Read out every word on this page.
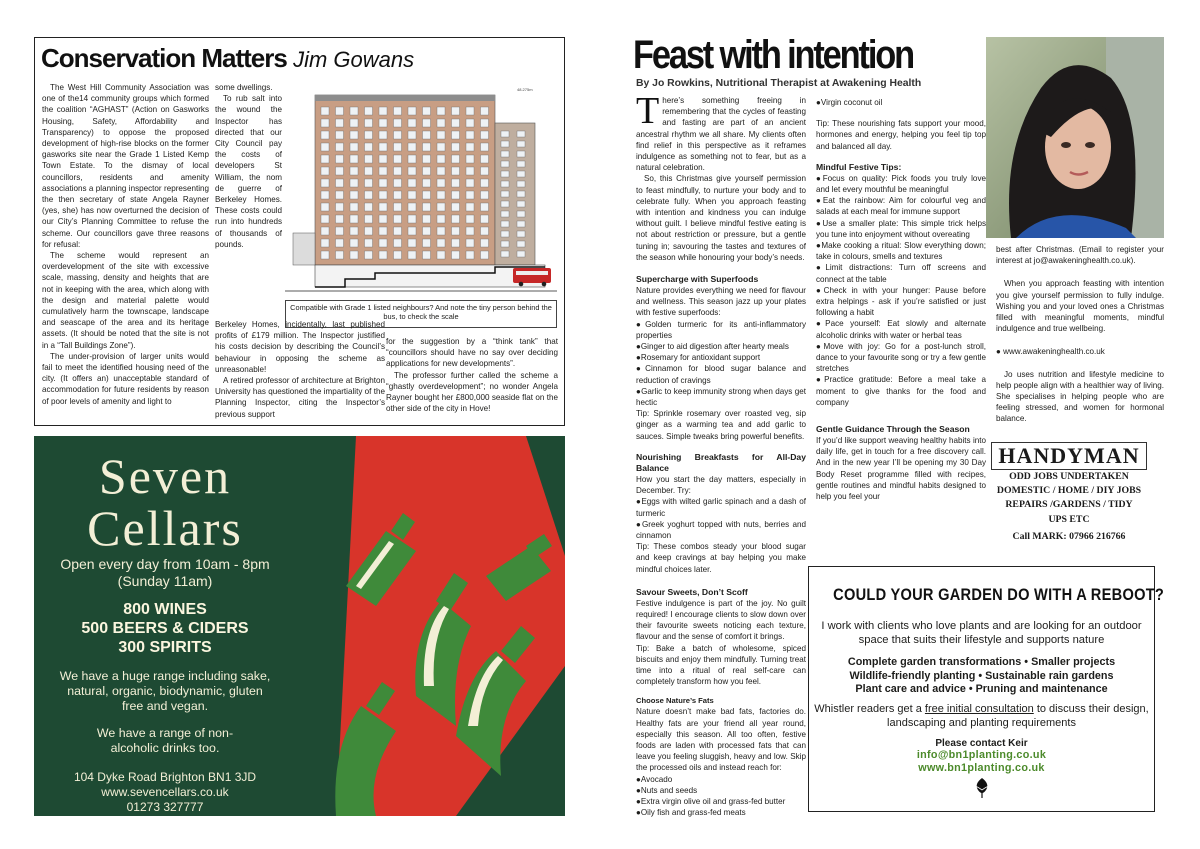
Conservation Matters Jim Gowans

The West Hill Community Association was one of the14 community groups which formed the coalition “AGHAST” (Action on Gasworks Housing, Safety, Affordability and Transparency) to oppose the proposed development of high-rise blocks on the former gasworks site near the Grade 1 Listed Kemp Town Estate. To the dismay of local councillors, residents and amenity associations a planning inspector representing the then secretary of state Angela Rayner (yes, she) has now overturned the decision of our City’s Planning Committee to refuse the scheme. Our councillors gave three reasons for refusal:

The scheme would represent an overdevelopment of the site with excessive scale, massing, density and heights that are not in keeping with the area, which along with the design and material palette would cumulatively harm the townscape, landscape and seascape of the area and its heritage assets. (It should be noted that the site is not in a “Tall Buildings Zone”).

The under-provision of larger units would fail to meet the identified housing need of the city. (It offers an) unacceptable standard of accommodation for future residents by reason of poor levels of amenity and light to

some dwellings.

To rub salt into the wound the Inspector has directed that our City Council pay the costs of developers St William, the nom de guerre of Berkeley Homes. These costs could run into hundreds of thousands of pounds.

48.275m
Compatible with Grade 1 listed neighbours? And note the tiny person behind the bus, to check the scale

Berkeley Homes, incidentally, last published profits of £179 million. The Inspector justified his costs decision by describing the Council’s behaviour in opposing the scheme as unreasonable!

A retired professor of architecture at Brighton University has questioned the impartiality of the Planning Inspector, citing the Inspector’s previous support

for the suggestion by a “think tank” that “councillors should have no say over deciding applications for new developments”.

The professor further called the scheme a “ghastly overdevelopment”; no wonder Angela Rayner bought her £800,000 seaside flat on the other side of the city in Hove!

Seven
Cellars
Open every day from 10am - 8pm
(Sunday 11am)
800 WINES
500 BEERS & CIDERS
300 SPIRITS
We have a huge range including sake, natural, organic, biodynamic, gluten free and vegan.
We have a range of non-alcoholic drinks too.
104 Dyke Road Brighton BN1 3JD
www.sevencellars.co.uk
01273 327777
Feast with intention
By Jo Rowkins, Nutritional Therapist at Awakening Health

There’s something freeing in remembering that the cycles of feasting and fasting are part of an ancient ancestral rhythm we all share. My clients often find relief in this perspective as it reframes indulgence as something not to fear, but as a natural celebration.

So, this Christmas give yourself permission to feast mindfully, to nurture your body and to celebrate fully. When you approach feasting with intention and kindness you can indulge without guilt. I believe mindful festive eating is not about restriction or pressure, but a gentle tuning in; savouring the tastes and textures of the season while honouring your body’s needs.

Supercharge with Superfoods

Nature provides everything we need for flavour and wellness. This season jazz up your plates with festive superfoods:

●Golden turmeric for its anti-inflammatory properties

●Ginger to aid digestion after hearty meals

●Rosemary for antioxidant support

●Cinnamon for blood sugar balance and reduction of cravings

●Garlic to keep immunity strong when days get hectic

Tip: Sprinkle rosemary over roasted veg, sip ginger as a warming tea and add garlic to sauces. Simple tweaks bring powerful benefits.

Nourishing Breakfasts for All-Day Balance

How you start the day matters, especially in December. Try:

●Eggs with wilted garlic spinach and a dash of turmeric

●Greek yoghurt topped with nuts, berries and cinnamon

Tip: These combos steady your blood sugar and keep cravings at bay helping you make mindful choices later.

Savour Sweets, Don’t Scoff

Festive indulgence is part of the joy. No guilt required! I encourage clients to slow down over their favourite sweets noticing each texture, flavour and the sense of comfort it brings.

Tip: Bake a batch of wholesome, spiced biscuits and enjoy them mindfully. Turning treat time into a ritual of real self-care can completely transform how you feel.

Choose Nature’s Fats

Nature doesn’t make bad fats, factories do. Healthy fats are your friend all year round, especially this season. All too often, festive foods are laden with processed fats that can leave you feeling sluggish, heavy and low. Skip the processed oils and instead reach for:

●Avocado

●Nuts and seeds

●Extra virgin olive oil and grass-fed butter

●Oily fish and grass-fed meats

●Virgin coconut oil

Tip: These nourishing fats support your mood, hormones and energy, helping you feel tip top and balanced all day.

Mindful Festive Tips:

●Focus on quality: Pick foods you truly love and let every mouthful be meaningful

●Eat the rainbow: Aim for colourful veg and salads at each meal for immune support

●Use a smaller plate: This simple trick helps you tune into enjoyment without overeating

●Make cooking a ritual: Slow everything down; take in colours, smells and textures

●Limit distractions: Turn off screens and connect at the table

●Check in with your hunger: Pause before extra helpings - ask if you’re satisfied or just following a habit

●Pace yourself: Eat slowly and alternate alcoholic drinks with water or herbal teas

●Move with joy: Go for a post-lunch stroll, dance to your favourite song or try a few gentle stretches

●Practice gratitude: Before a meal take a moment to give thanks for the food and company

Gentle Guidance Through the Season

If you’d like support weaving healthy habits into daily life, get in touch for a free discovery call. And in the new year I’ll be opening my 30 Day Body Reset programme filled with recipes, gentle routines and mindful habits designed to help you feel your

best after Christmas. (Email to register your interest at jo@awakeninghealth.co.uk).

When you approach feasting with intention you give yourself permission to fully indulge. Wishing you and your loved ones a Christmas filled with meaningful moments, mindful indulgence and true wellbeing.

● www.awakeninghealth.co.uk

Jo uses nutrition and lifestyle medicine to help people align with a healthier way of living. She specialises in helping people who are feeling stressed, and women for hormonal balance.

HANDYMAN
ODD JOBS UNDERTAKEN
DOMESTIC / HOME / DIY JOBS
REPAIRS /GARDENS / TIDY
UPS ETC
Call MARK: 07966 216766
COULD YOUR GARDEN DO WITH A REBOOT?
I work with clients who love plants and are looking for an outdoor space that suits their lifestyle and supports nature
Complete garden transformations • Smaller projects
Wildlife-friendly planting • Sustainable rain gardens
Plant care and advice • Pruning and maintenance
Whistler readers get a free initial consultation to discuss their design, landscaping and planting requirements
Please contact Keir
info@bn1planting.co.uk
www.bn1planting.co.uk
